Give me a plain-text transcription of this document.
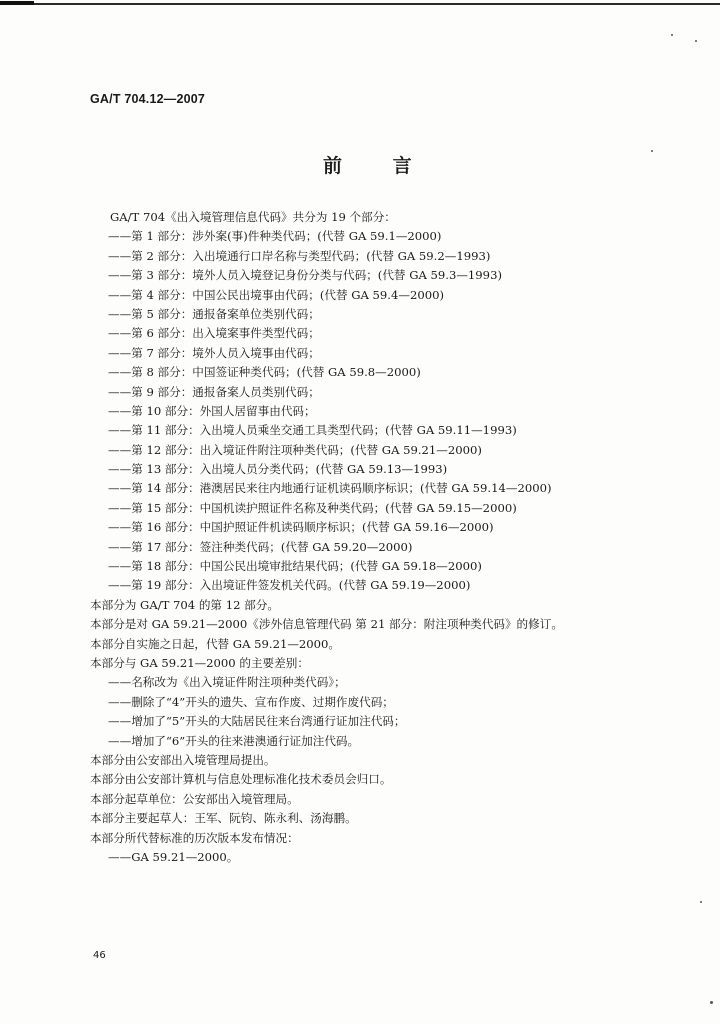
GA/T 704.12—2007
前 言
GA/T 704《出入境管理信息代码》共分为 19 个部分：
——第 1 部分：涉外案(事)件种类代码；(代替 GA 59.1—2000)
——第 2 部分：入出境通行口岸名称与类型代码；(代替 GA 59.2—1993)
——第 3 部分：境外人员入境登记身份分类与代码；(代替 GA 59.3—1993)
——第 4 部分：中国公民出境事由代码；(代替 GA 59.4—2000)
——第 5 部分：通报备案单位类别代码；
——第 6 部分：出入境案事件类型代码；
——第 7 部分：境外人员入境事由代码；
——第 8 部分：中国签证种类代码；(代替 GA 59.8—2000)
——第 9 部分：通报备案人员类别代码；
——第 10 部分：外国人居留事由代码；
——第 11 部分：入出境人员乘坐交通工具类型代码；(代替 GA 59.11—1993)
——第 12 部分：出入境证件附注项种类代码；(代替 GA 59.21—2000)
——第 13 部分：入出境人员分类代码；(代替 GA 59.13—1993)
——第 14 部分：港澳居民来往内地通行证机读码顺序标识；(代替 GA 59.14—2000)
——第 15 部分：中国机读护照证件名称及种类代码；(代替 GA 59.15—2000)
——第 16 部分：中国护照证件机读码顺序标识；(代替 GA 59.16—2000)
——第 17 部分：签注种类代码；(代替 GA 59.20—2000)
——第 18 部分：中国公民出境审批结果代码；(代替 GA 59.18—2000)
——第 19 部分：入出境证件签发机关代码。(代替 GA 59.19—2000)
本部分为 GA/T 704 的第 12 部分。
本部分是对 GA 59.21—2000《涉外信息管理代码 第 21 部分：附注项种类代码》的修订。
本部分自实施之日起，代替 GA 59.21—2000。
本部分与 GA 59.21—2000 的主要差别：
——名称改为《出入境证件附注项种类代码》；
——删除了“4”开头的遗失、宣布作废、过期作废代码；
——增加了“5”开头的大陆居民往来台湾通行证加注代码；
——增加了“6”开头的往来港澳通行证加注代码。
本部分由公安部出入境管理局提出。
本部分由公安部计算机与信息处理标准化技术委员会归口。
本部分起草单位：公安部出入境管理局。
本部分主要起草人：王军、阮钧、陈永利、汤海鹏。
本部分所代替标准的历次版本发布情况：
——GA 59.21—2000。
46
